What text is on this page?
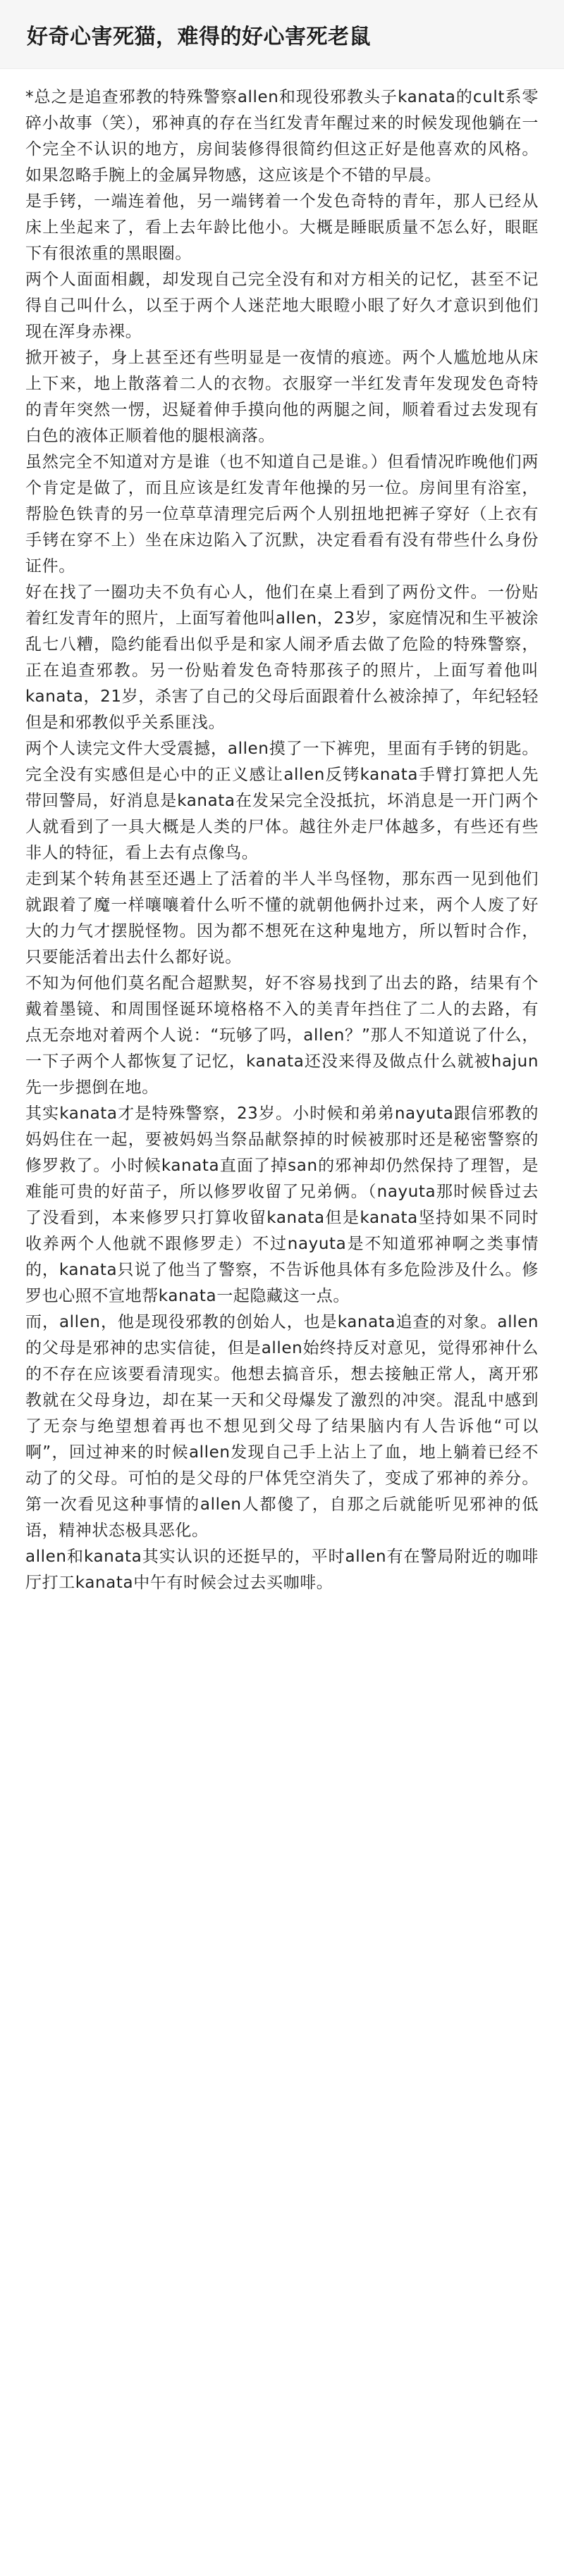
好奇心害死猫，难得的好心害死老鼠

*总之是追查邪教的特殊警察allen和现役邪教头子kanata的cult系零碎小故事（笑），邪神真的存在当红发青年醒过来的时候发现他躺在一个完全不认识的地方，房间装修得很简约但这正好是他喜欢的风格。如果忽略手腕上的金属异物感，这应该是个不错的早晨。

是手铐，一端连着他，另一端铐着一个发色奇特的青年，那人已经从床上坐起来了，看上去年龄比他小。大概是睡眠质量不怎么好，眼眶下有很浓重的黑眼圈。

两个人面面相觑，却发现自己完全没有和对方相关的记忆，甚至不记得自己叫什么，以至于两个人迷茫地大眼瞪小眼了好久才意识到他们现在浑身赤裸。

掀开被子，身上甚至还有些明显是一夜情的痕迹。两个人尴尬地从床上下来，地上散落着二人的衣物。衣服穿一半红发青年发现发色奇特的青年突然一愣，迟疑着伸手摸向他的两腿之间，顺着看过去发现有白色的液体正顺着他的腿根滴落。

虽然完全不知道对方是谁（也不知道自己是谁。）但看情况昨晚他们两个肯定是做了，而且应该是红发青年他操的另一位。房间里有浴室，帮脸色铁青的另一位草草清理完后两个人别扭地把裤子穿好（上衣有手铐在穿不上）坐在床边陷入了沉默，决定看看有没有带些什么身份证件。

好在找了一圈功夫不负有心人，他们在桌上看到了两份文件。一份贴着红发青年的照片，上面写着他叫allen，23岁，家庭情况和生平被涂乱七八糟，隐约能看出似乎是和家人闹矛盾去做了危险的特殊警察，正在追查邪教。另一份贴着发色奇特那孩子的照片，上面写着他叫kanata，21岁，杀害了自己的父母后面跟着什么被涂掉了，年纪轻轻但是和邪教似乎关系匪浅。

两个人读完文件大受震撼，allen摸了一下裤兜，里面有手铐的钥匙。完全没有实感但是心中的正义感让allen反铐kanata手臂打算把人先带回警局，好消息是kanata在发呆完全没抵抗，坏消息是一开门两个人就看到了一具大概是人类的尸体。越往外走尸体越多，有些还有些非人的特征，看上去有点像鸟。

走到某个转角甚至还遇上了活着的半人半鸟怪物，那东西一见到他们就跟着了魔一样嚷嚷着什么听不懂的就朝他俩扑过来，两个人废了好大的力气才摆脱怪物。因为都不想死在这种鬼地方，所以暂时合作，只要能活着出去什么都好说。

不知为何他们莫名配合超默契，好不容易找到了出去的路，结果有个戴着墨镜、和周围怪诞环境格格不入的美青年挡住了二人的去路，有点无奈地对着两个人说：“玩够了吗，allen？”那人不知道说了什么，一下子两个人都恢复了记忆，kanata还没来得及做点什么就被hajun先一步摁倒在地。

其实kanata才是特殊警察，23岁。小时候和弟弟nayuta跟信邪教的妈妈住在一起，要被妈妈当祭品献祭掉的时候被那时还是秘密警察的修罗救了。小时候kanata直面了掉san的邪神却仍然保持了理智，是难能可贵的好苗子，所以修罗收留了兄弟俩。（nayuta那时候昏过去了没看到，本来修罗只打算收留kanata但是kanata坚持如果不同时收养两个人他就不跟修罗走）不过nayuta是不知道邪神啊之类事情的，kanata只说了他当了警察，不告诉他具体有多危险涉及什么。修罗也心照不宣地帮kanata一起隐藏这一点。

而，allen，他是现役邪教的创始人，也是kanata追查的对象。allen的父母是邪神的忠实信徒，但是allen始终持反对意见，觉得邪神什么的不存在应该要看清现实。他想去搞音乐，想去接触正常人，离开邪教就在父母身边，却在某一天和父母爆发了激烈的冲突。混乱中感到了无奈与绝望想着再也不想见到父母了结果脑内有人告诉他“可以啊”，回过神来的时候allen发现自己手上沾上了血，地上躺着已经不动了的父母。可怕的是父母的尸体凭空消失了，变成了邪神的养分。第一次看见这种事情的allen人都傻了，自那之后就能听见邪神的低语，精神状态极具恶化。

allen和kanata其实认识的还挺早的，平时allen有在警局附近的咖啡厅打工kanata中午有时候会过去买咖啡。
